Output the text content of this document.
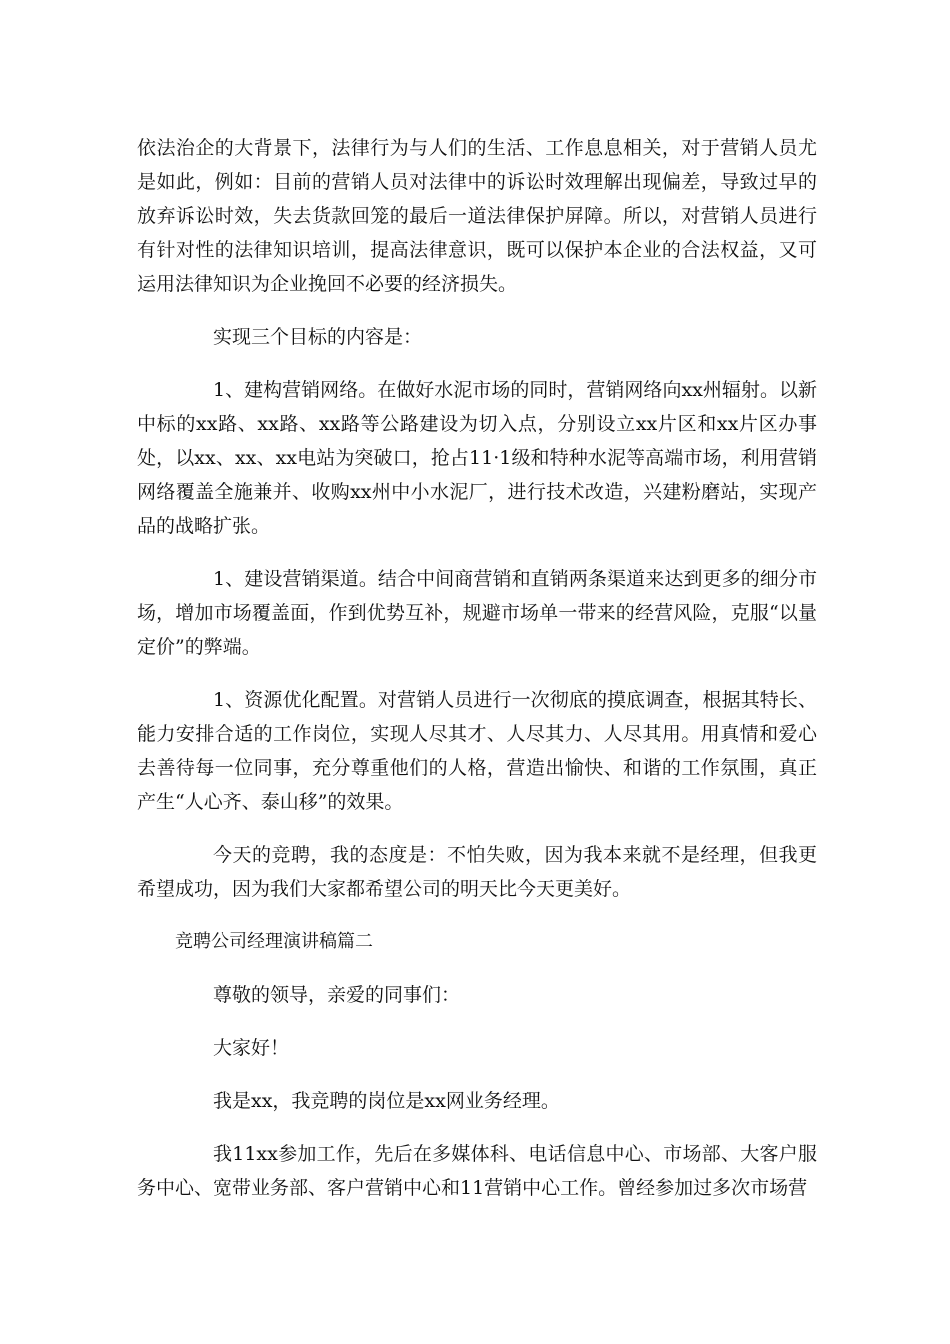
依法治企的大背景下，法律行为与人们的生活、工作息息相关，对于营销人员尤是如此，例如：目前的营销人员对法律中的诉讼时效理解出现偏差，导致过早的放弃诉讼时效，失去货款回笼的最后一道法律保护屏障。所以，对营销人员进行有针对性的法律知识培训，提高法律意识，既可以保护本企业的合法权益，又可运用法律知识为企业挽回不必要的经济损失。

实现三个目标的内容是：

1、建构营销网络。在做好水泥市场的同时，营销网络向xx州辐射。以新中标的xx路、xx路、xx路等公路建设为切入点，分别设立xx片区和xx片区办事处，以xx、xx、xx电站为突破口，抢占11·1级和特种水泥等高端市场，利用营销网络覆盖全施兼并、收购xx州中小水泥厂，进行技术改造，兴建粉磨站，实现产品的战略扩张。

1、建设营销渠道。结合中间商营销和直销两条渠道来达到更多的细分市场，增加市场覆盖面，作到优势互补，规避市场单一带来的经营风险，克服“以量定价”的弊端。

1、资源优化配置。对营销人员进行一次彻底的摸底调查，根据其特长、能力安排合适的工作岗位，实现人尽其才、人尽其力、人尽其用。用真情和爱心去善待每一位同事，充分尊重他们的人格，营造出愉快、和谐的工作氛围，真正产生“人心齐、泰山移”的效果。

今天的竞聘，我的态度是：不怕失败，因为我本来就不是经理，但我更希望成功，因为我们大家都希望公司的明天比今天更美好。

竞聘公司经理演讲稿篇二

尊敬的领导，亲爱的同事们：

大家好！

我是xx，我竞聘的岗位是xx网业务经理。

我11xx参加工作，先后在多媒体科、电话信息中心、市场部、大客户服务中心、宽带业务部、客户营销中心和11营销中心工作。曾经参加过多次市场营
